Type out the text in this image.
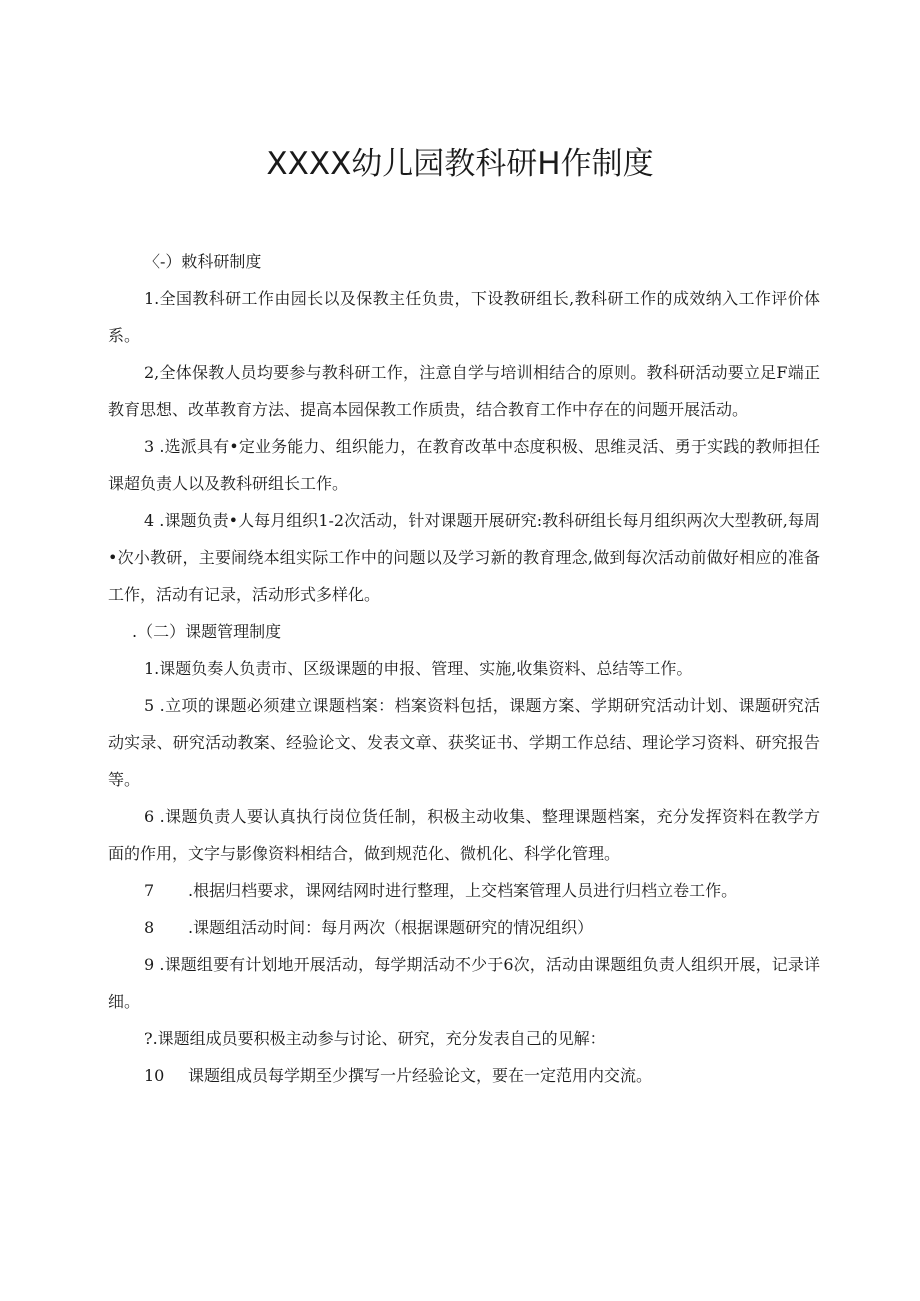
XXXX幼儿园教科研H作制度

〈-）敕科研制度

1.全国教科研工作由园长以及保教主任负贵，下设教研组长,教科研工作的成效纳入工作评价体系。

2,全体保教人员均要参与教科研工作，注意自学与培训相结合的原则。教科研活动要立足F端正教育思想、改革教育方法、提高本园保教工作质贵，结合教育工作中存在的问题开展活动。

3 .选派具有•定业务能力、组织能力，在教育改革中态度积极、思维灵活、勇于实践的教师担任课超负责人以及教科研组长工作。

4 .课题负责•人每月组织1-2次活动，针对课题开展研究:教科研组长每月组织两次大型教研,每周•次小教研，主要闹绕本组实际工作中的问题以及学习新的教育理念,做到每次活动前做好相应的准备工作，活动有记录，活动形式多样化。

.（二）课题管理制度

1.课题负奏人负责市、区级课题的申报、管理、实施,收集资料、总结等工作。

5 .立项的课题必须建立课题档案：档案资料包括，课题方案、学期研究活动计划、课题研究活动实录、研究活动教案、经验论文、发表文章、获奖证书、学期工作总结、理论学习资料、研究报告等。

6 .课题负责人要认真执行岗位货任制，积极主动收集、整理课题档案，充分发挥资料在教学方面的作用，文字与影像资料相结合，做到规范化、微机化、科学化管理。

7 .根据归档要求，课网结网时进行整理，上交档案管理人员进行归档立卷工作。

8 .课题组活动时间：每月两次（根据课题研究的情况组织）

9 .课题组要有计划地开展活动，每学期活动不少于6次，活动由课题组负责人组织开展，记录详细。

?.课题组成员要积极主动参与讨论、研究，充分发表自己的见解：

10 课题组成员每学期至少撰写一片经验论文，要在一定范用内交流。
